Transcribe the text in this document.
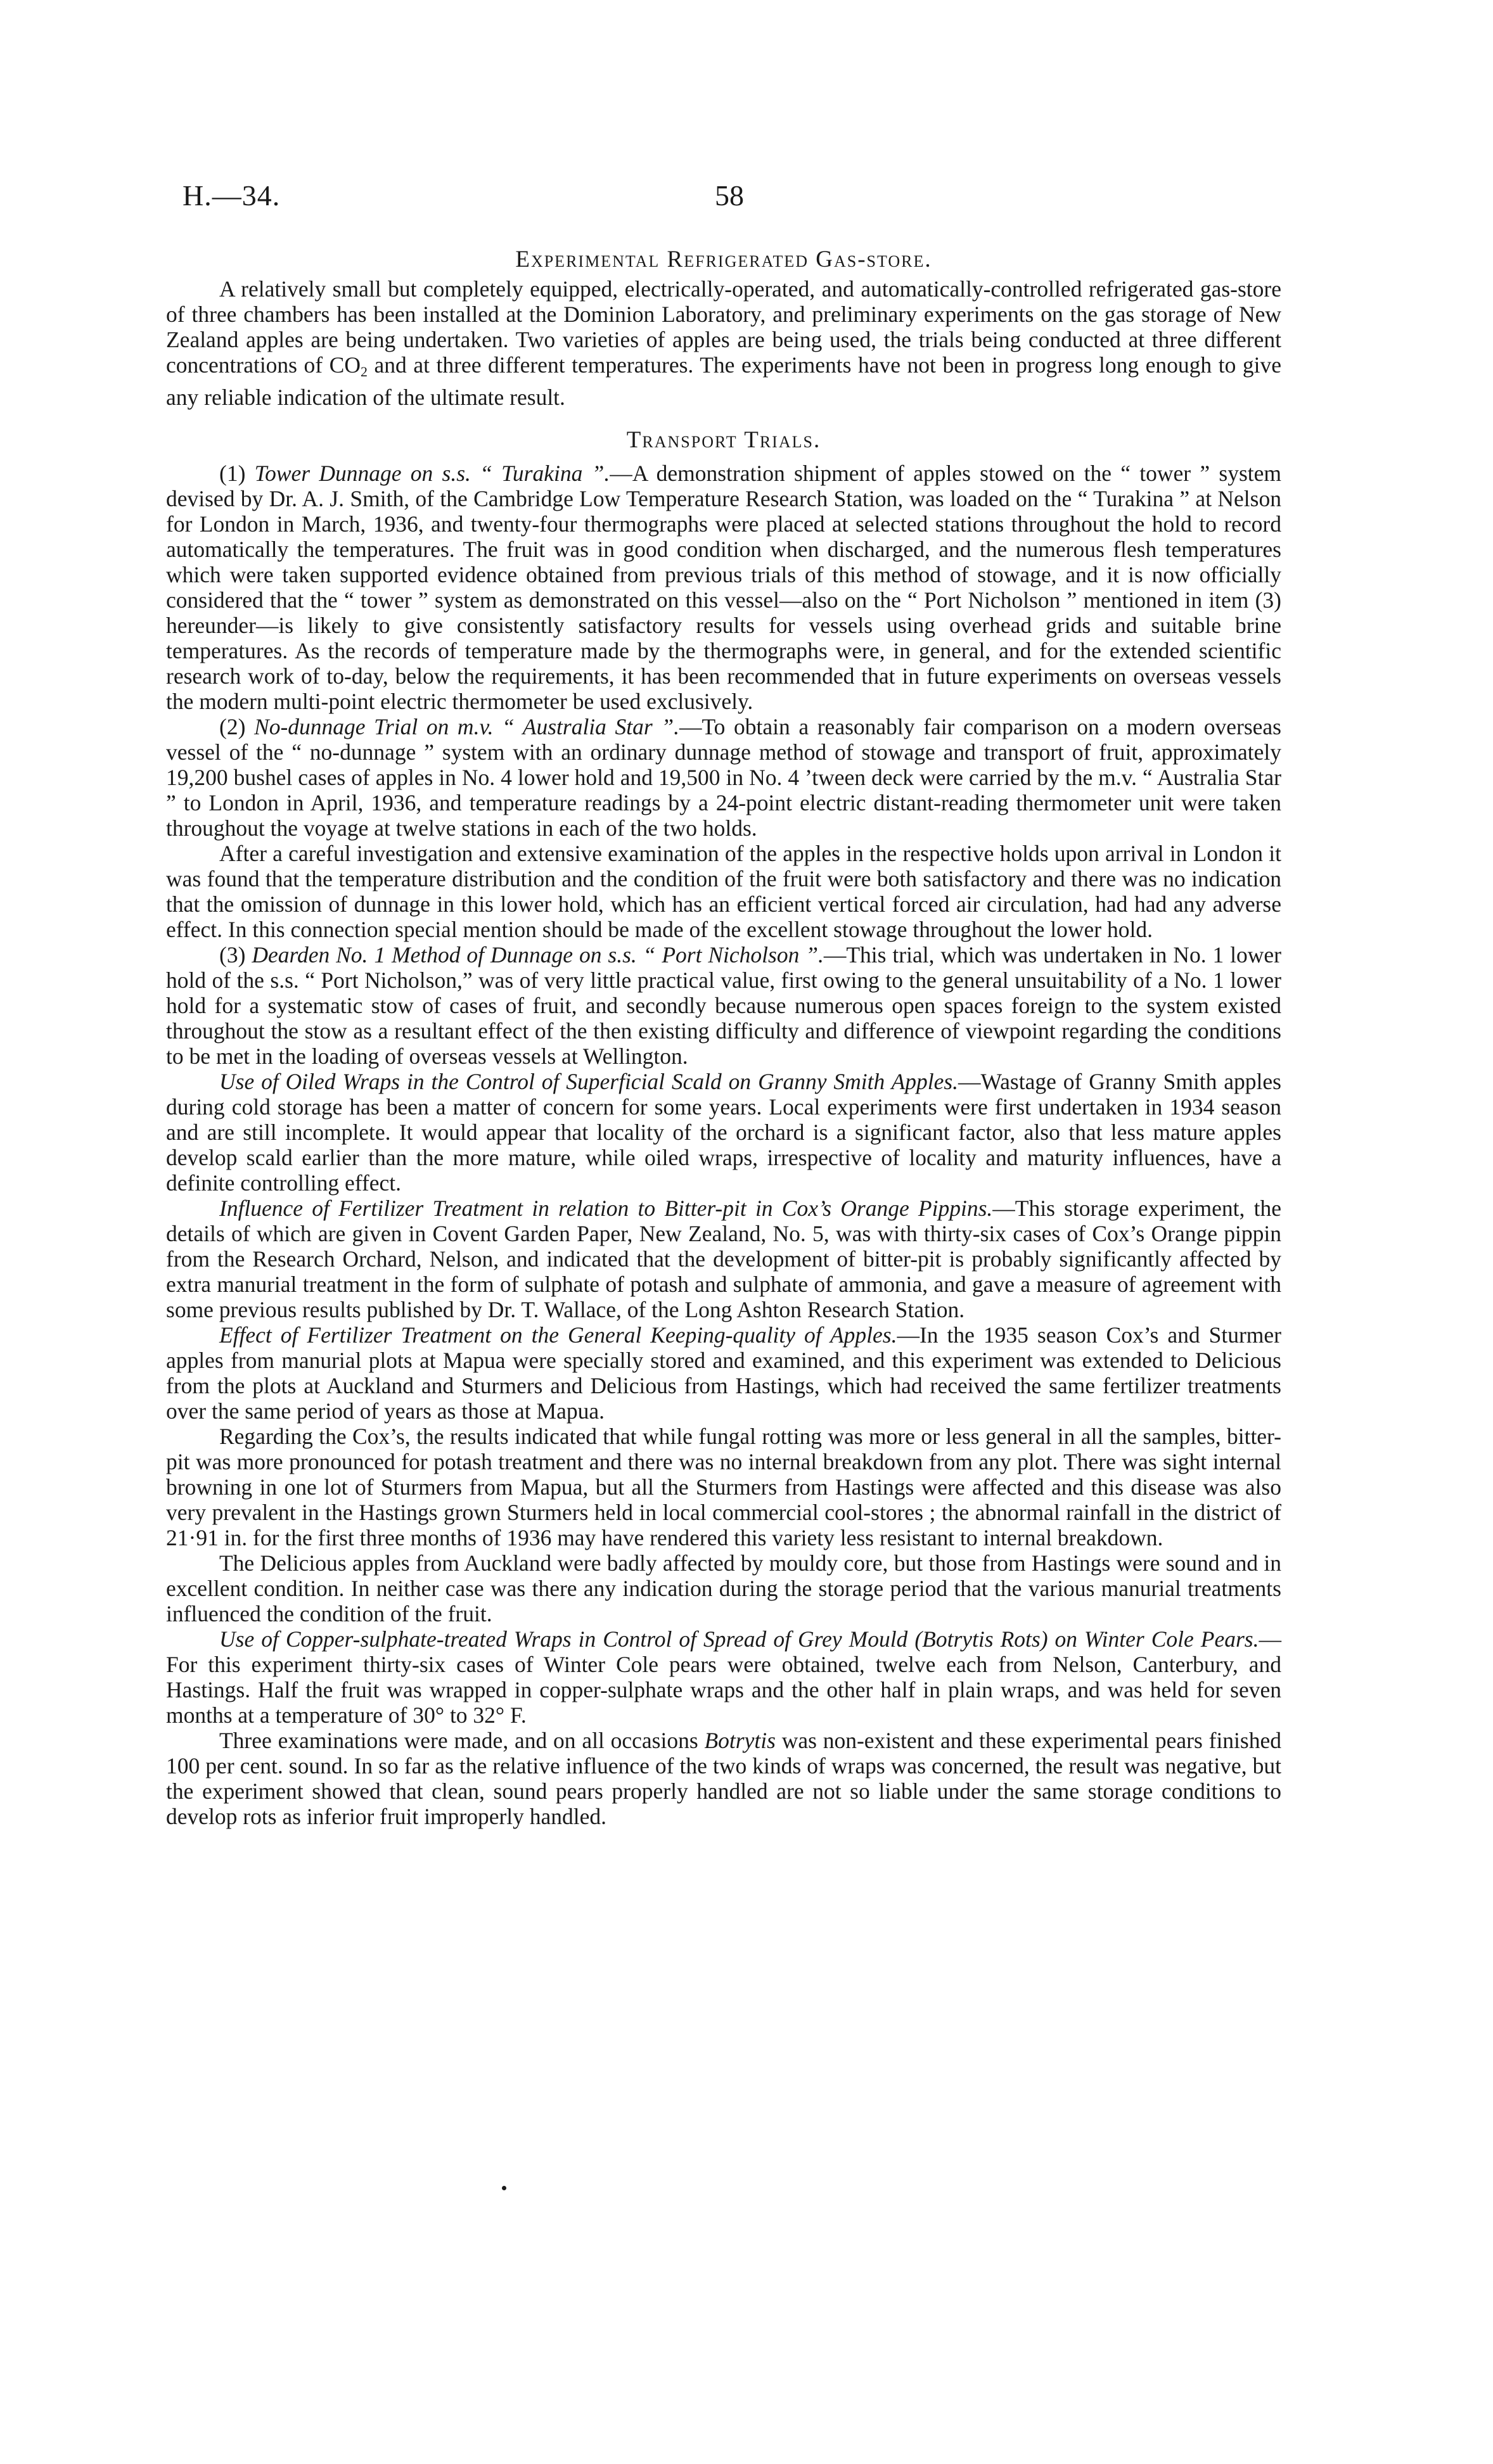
H.—34.	58
Experimental Refrigerated Gas-store.

A relatively small but completely equipped, electrically-operated, and automatically-controlled refrigerated gas-store of three chambers has been installed at the Dominion Laboratory, and preliminary experiments on the gas storage of New Zealand apples are being undertaken. Two varieties of apples are being used, the trials being conducted at three different concentrations of $CO_2$ and at three different temperatures. The experiments have not been in progress long enough to give any reliable indication of the ultimate result.

Transport Trials.

(1) Tower Dunnage on s.s. “ Turakina ”.—A demonstration shipment of apples stowed on the “ tower ” system devised by Dr. A. J. Smith, of the Cambridge Low Temperature Research Station, was loaded on the “ Turakina ” at Nelson for London in March, 1936, and twenty-four thermographs were placed at selected stations throughout the hold to record automatically the temperatures. The fruit was in good condition when discharged, and the numerous flesh temperatures which were taken supported evidence obtained from previous trials of this method of stowage, and it is now officially considered that the “ tower ” system as demonstrated on this vessel—also on the “ Port Nicholson ” mentioned in item (3) hereunder—is likely to give consistently satisfactory results for vessels using overhead grids and suitable brine temperatures. As the records of temperature made by the thermographs were, in general, and for the extended scientific research work of to-day, below the requirements, it has been recommended that in future experiments on overseas vessels the modern multi-point electric thermometer be used exclusively.

(2) No-dunnage Trial on m.v. “ Australia Star ”.—To obtain a reasonably fair comparison on a modern overseas vessel of the “ no-dunnage ” system with an ordinary dunnage method of stowage and transport of fruit, approximately 19,200 bushel cases of apples in No. 4 lower hold and 19,500 in No. 4 ’tween deck were carried by the m.v. “ Australia Star ” to London in April, 1936, and temperature readings by a 24-point electric distant-reading thermometer unit were taken throughout the voyage at twelve stations in each of the two holds.

After a careful investigation and extensive examination of the apples in the respective holds upon arrival in London it was found that the temperature distribution and the condition of the fruit were both satisfactory and there was no indication that the omission of dunnage in this lower hold, which has an efficient vertical forced air circulation, had had any adverse effect. In this connection special mention should be made of the excellent stowage throughout the lower hold.

(3) Dearden No. 1 Method of Dunnage on s.s. “ Port Nicholson ”.—This trial, which was undertaken in No. 1 lower hold of the s.s. “ Port Nicholson,” was of very little practical value, first owing to the general unsuitability of a No. 1 lower hold for a systematic stow of cases of fruit, and secondly because numerous open spaces foreign to the system existed throughout the stow as a resultant effect of the then existing difficulty and difference of viewpoint regarding the conditions to be met in the loading of overseas vessels at Wellington.

Use of Oiled Wraps in the Control of Superficial Scald on Granny Smith Apples.—Wastage of Granny Smith apples during cold storage has been a matter of concern for some years. Local experiments were first undertaken in 1934 season and are still incomplete. It would appear that locality of the orchard is a significant factor, also that less mature apples develop scald earlier than the more mature, while oiled wraps, irrespective of locality and maturity influences, have a definite controlling effect.

Influence of Fertilizer Treatment in relation to Bitter-pit in Cox’s Orange Pippins.—This storage experiment, the details of which are given in Covent Garden Paper, New Zealand, No. 5, was with thirty-six cases of Cox’s Orange pippin from the Research Orchard, Nelson, and indicated that the development of bitter-pit is probably significantly affected by extra manurial treatment in the form of sulphate of potash and sulphate of ammonia, and gave a measure of agreement with some previous results published by Dr. T. Wallace, of the Long Ashton Research Station.

Effect of Fertilizer Treatment on the General Keeping-quality of Apples.—In the 1935 season Cox’s and Sturmer apples from manurial plots at Mapua were specially stored and examined, and this experiment was extended to Delicious from the plots at Auckland and Sturmers and Delicious from Hastings, which had received the same fertilizer treatments over the same period of years as those at Mapua.

Regarding the Cox’s, the results indicated that while fungal rotting was more or less general in all the samples, bitter-pit was more pronounced for potash treatment and there was no internal breakdown from any plot. There was sight internal browning in one lot of Sturmers from Mapua, but all the Sturmers from Hastings were affected and this disease was also very prevalent in the Hastings grown Sturmers held in local commercial cool-stores ; the abnormal rainfall in the district of 21·91 in. for the first three months of 1936 may have rendered this variety less resistant to internal breakdown.

The Delicious apples from Auckland were badly affected by mouldy core, but those from Hastings were sound and in excellent condition. In neither case was there any indication during the storage period that the various manurial treatments influenced the condition of the fruit.

Use of Copper-sulphate-treated Wraps in Control of Spread of Grey Mould (Botrytis Rots) on Winter Cole Pears.—For this experiment thirty-six cases of Winter Cole pears were obtained, twelve each from Nelson, Canterbury, and Hastings. Half the fruit was wrapped in copper-sulphate wraps and the other half in plain wraps, and was held for seven months at a temperature of 30° to 32° F.

Three examinations were made, and on all occasions Botrytis was non-existent and these experimental pears finished 100 per cent. sound. In so far as the relative influence of the two kinds of wraps was concerned, the result was negative, but the experiment showed that clean, sound pears properly handled are not so liable under the same storage conditions to develop rots as inferior fruit improperly handled.
